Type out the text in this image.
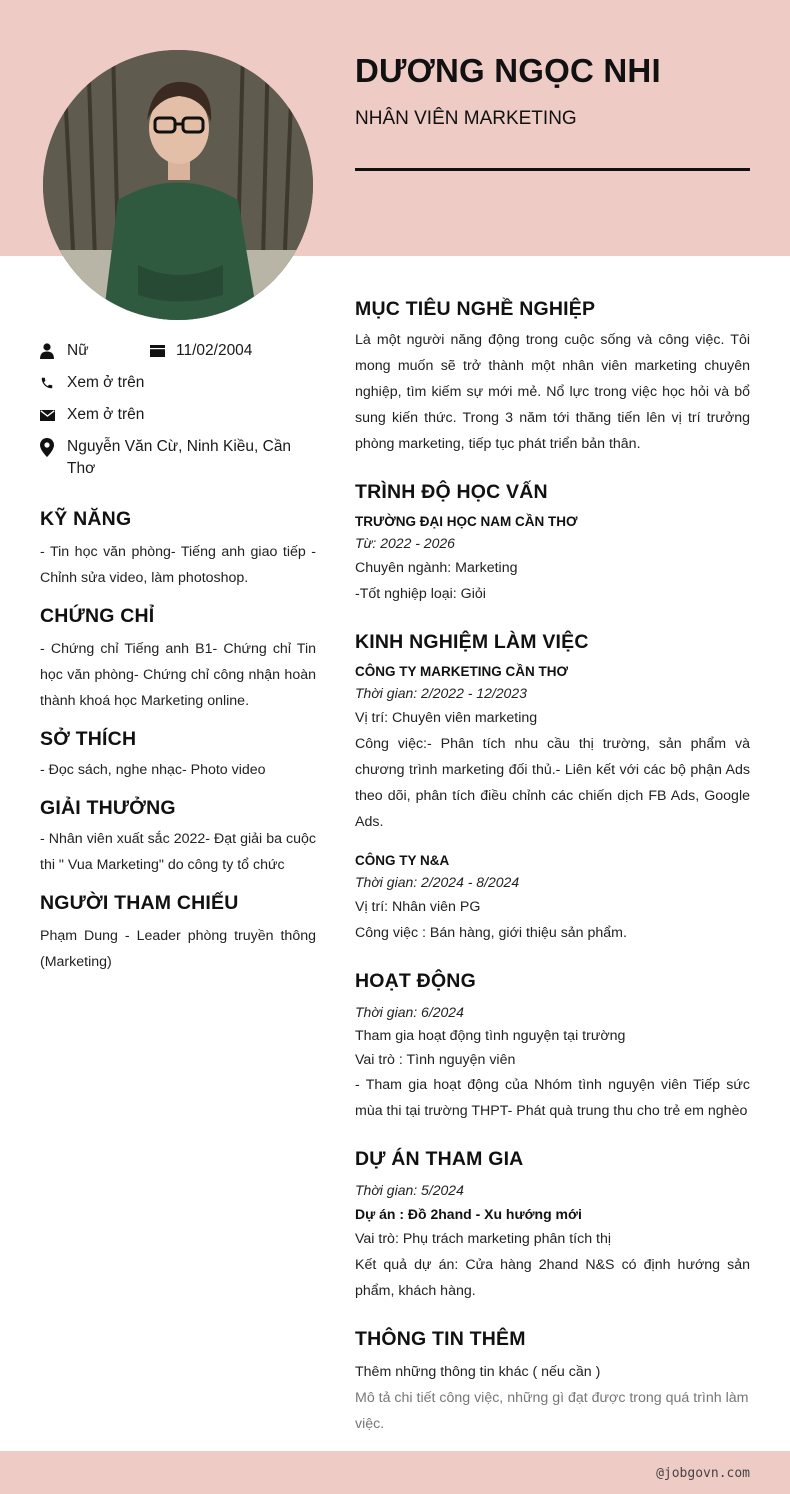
DƯƠNG NGỌC NHI

NHÂN VIÊN MARKETING

Nữ	11/02/2004
Xem ở trên
Xem ở trên
Nguyễn Văn Cừ, Ninh Kiều, Cần Thơ
KỸ NĂNG

- Tin học văn phòng- Tiếng anh giao tiếp - Chỉnh sửa video, làm photoshop.

CHỨNG CHỈ

- Chứng chỉ Tiếng anh B1- Chứng chỉ Tin học văn phòng- Chứng chỉ công nhận hoàn thành khoá học Marketing online.

SỞ THÍCH

- Đọc sách, nghe nhạc- Photo video

GIẢI THƯỞNG

- Nhân viên xuất sắc 2022- Đạt giải ba cuộc thi " Vua Marketing" do công ty tổ chức

NGƯỜI THAM CHIẾU

Phạm Dung - Leader phòng truyền thông (Marketing)

MỤC TIÊU NGHỀ NGHIỆP

Là một người năng động trong cuộc sống và công việc. Tôi mong muốn sẽ trở thành một nhân viên marketing chuyên nghiệp, tìm kiếm sự mới mẻ. Nổ lực trong việc học hỏi và bổ sung kiến thức. Trong 3 năm tới thăng tiến lên vị trí trưởng phòng marketing, tiếp tục phát triển bản thân.

TRÌNH ĐỘ HỌC VẤN

TRƯỜNG ĐẠI HỌC NAM CẦN THƠ

Từ: 2022 - 2026

Chuyên ngành: Marketing

-Tốt nghiệp loại: Giỏi

KINH NGHIỆM LÀM VIỆC

CÔNG TY MARKETING CẦN THƠ

Thời gian: 2/2022 - 12/2023

Vị trí: Chuyên viên marketing

Công việc:- Phân tích nhu cầu thị trường, sản phẩm và chương trình marketing đối thủ.- Liên kết với các bộ phận Ads theo dõi, phân tích điều chỉnh các chiến dịch FB Ads, Google Ads.

CÔNG TY N&A

Thời gian: 2/2024 - 8/2024

Vị trí: Nhân viên PG

Công việc : Bán hàng, giới thiệu sản phẩm.

HOẠT ĐỘNG

Thời gian: 6/2024

Tham gia hoạt động tình nguyện tại trường

Vai trò : Tình nguyện viên

- Tham gia hoạt động của Nhóm tình nguyện viên Tiếp sức mùa thi tại trường THPT- Phát quà trung thu cho trẻ em nghèo

DỰ ÁN THAM GIA

Thời gian: 5/2024

Dự án : Đồ 2hand - Xu hướng mới

Vai trò: Phụ trách marketing phân tích thị

Kết quả dự án: Cửa hàng 2hand N&S có định hướng sản phẩm, khách hàng.

THÔNG TIN THÊM

Thêm những thông tin khác ( nếu cần )

Mô tả chi tiết công việc, những gì đạt được trong quá trình làm việc.

@jobgovn.com
